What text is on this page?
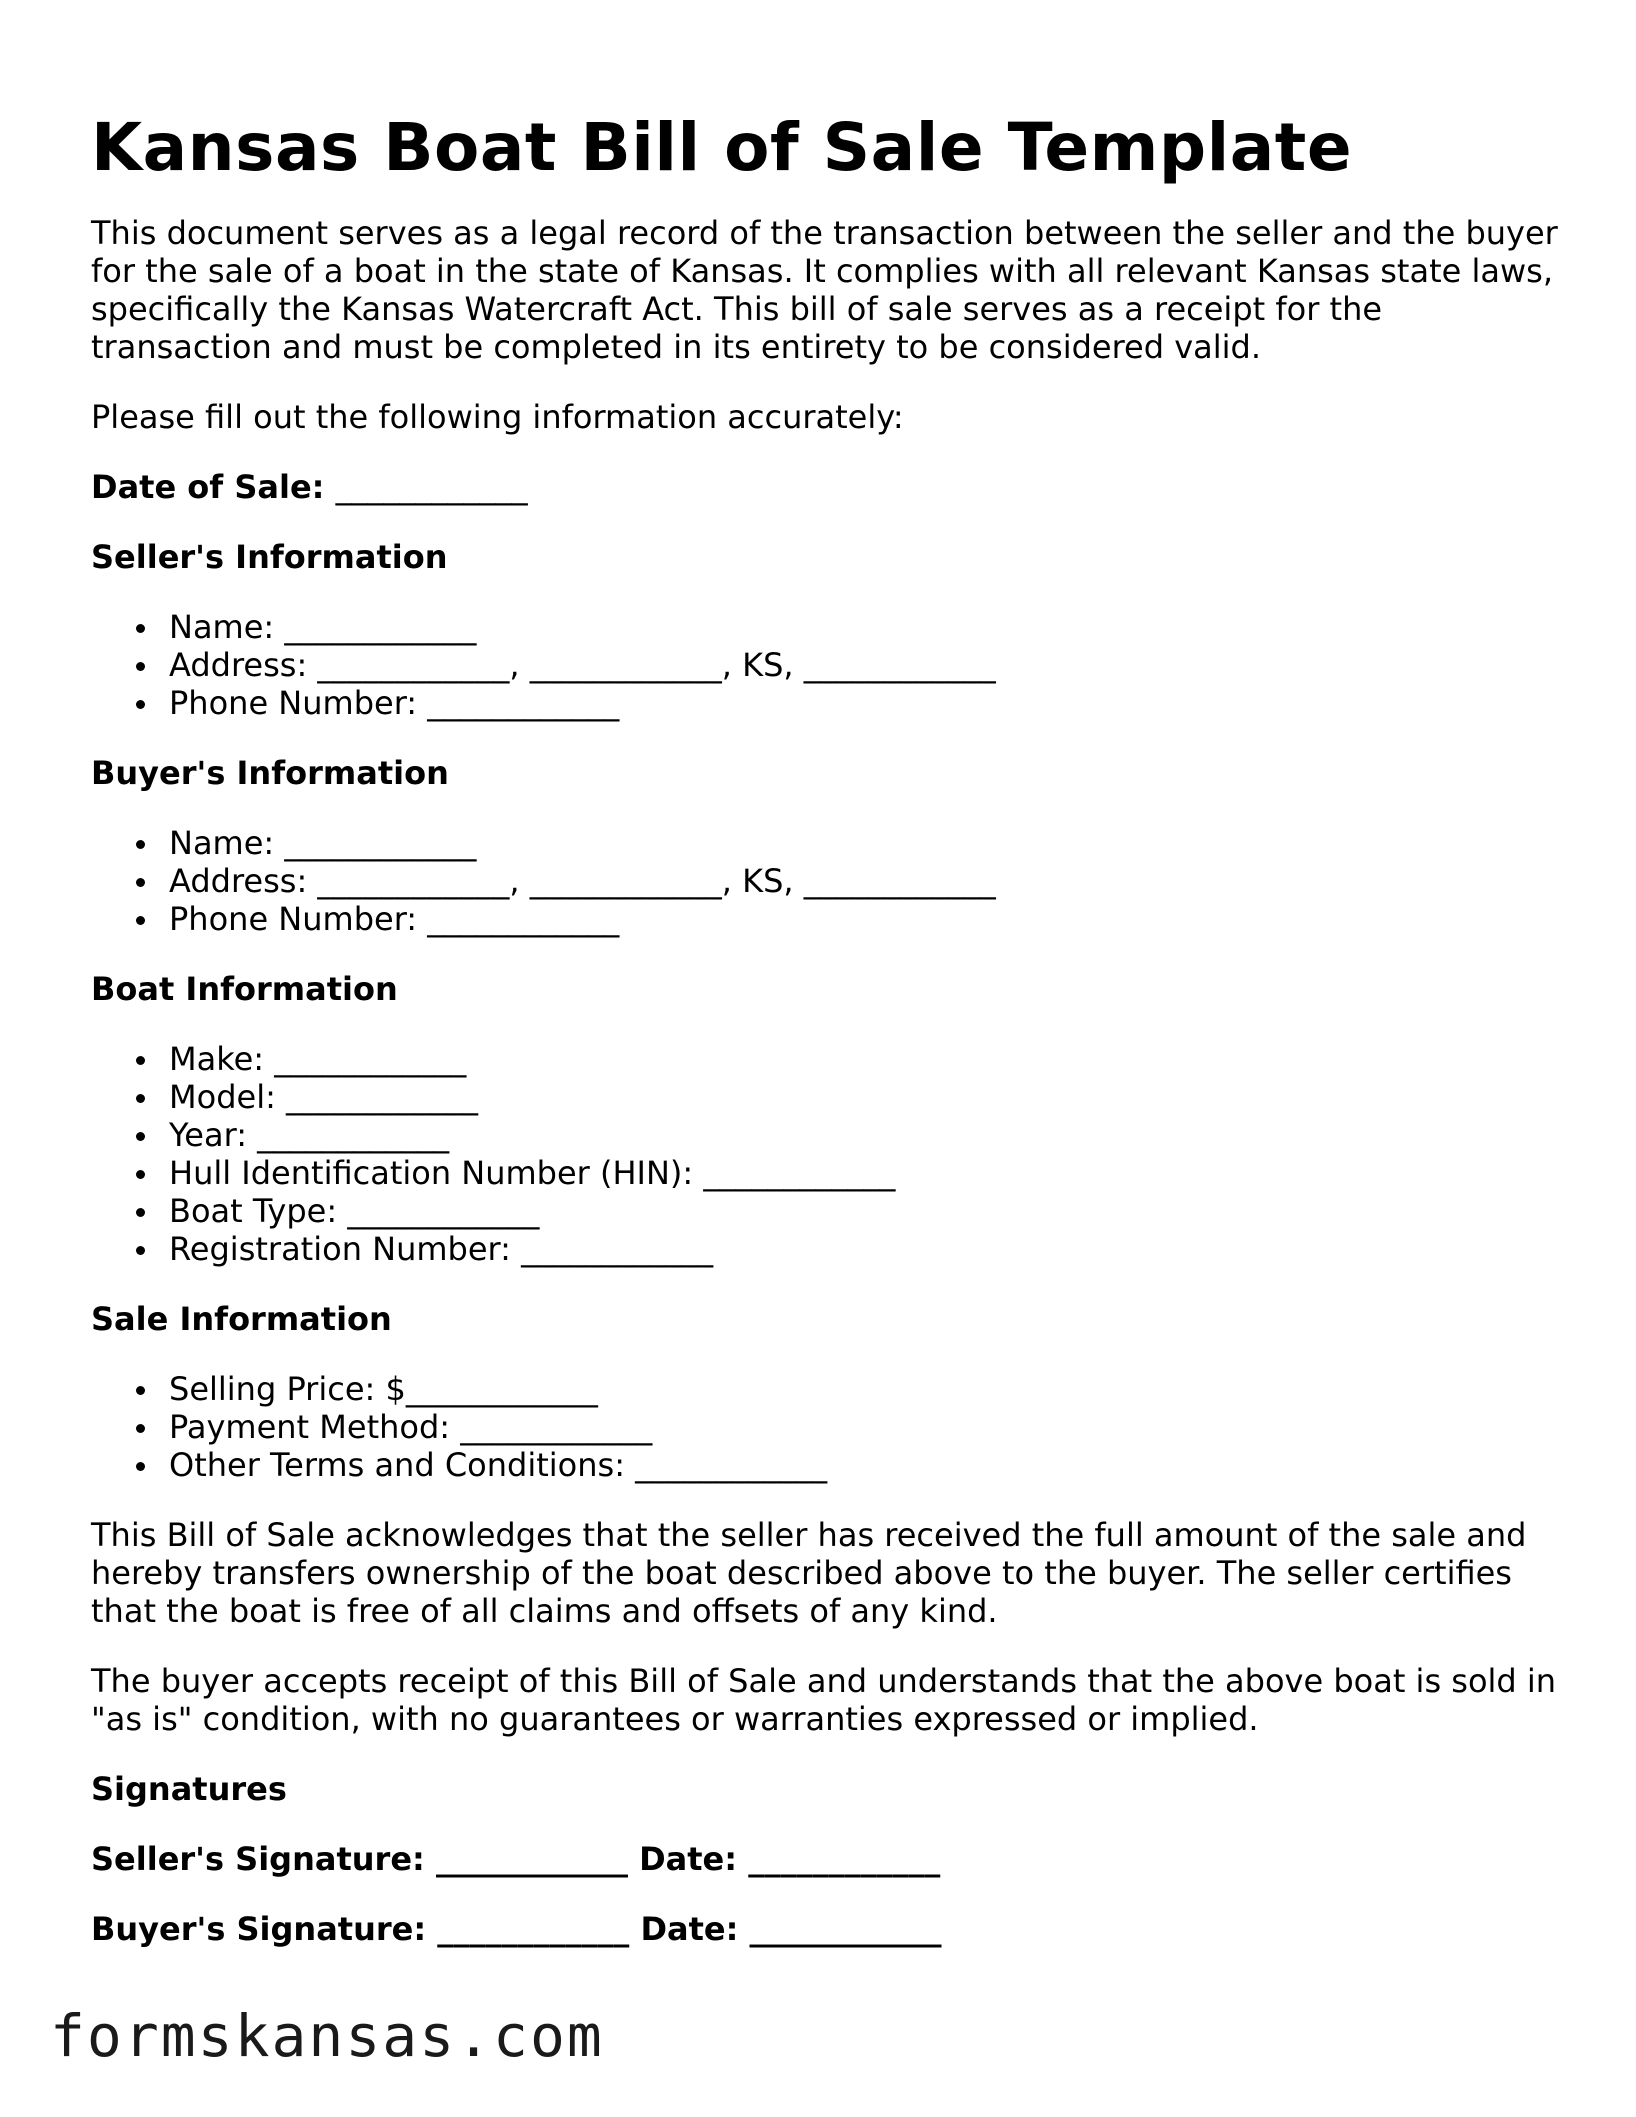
Kansas Boat Bill of Sale Template

This document serves as a legal record of the transaction between the seller and the buyer for the sale of a boat in the state of Kansas. It complies with all relevant Kansas state laws, specifically the Kansas Watercraft Act. This bill of sale serves as a receipt for the transaction and must be completed in its entirety to be considered valid.

Please fill out the following information accurately:

Date of Sale: ____________

Seller's Information
Name: ____________
Address: ____________, ____________, KS, ____________
Phone Number: ____________
Buyer's Information
Name: ____________
Address: ____________, ____________, KS, ____________
Phone Number: ____________
Boat Information
Make: ____________
Model: ____________
Year: ____________
Hull Identification Number (HIN): ____________
Boat Type: ____________
Registration Number: ____________
Sale Information
Selling Price: $____________
Payment Method: ____________
Other Terms and Conditions: ____________

This Bill of Sale acknowledges that the seller has received the full amount of the sale and hereby transfers ownership of the boat described above to the buyer. The seller certifies that the boat is free of all claims and offsets of any kind.

The buyer accepts receipt of this Bill of Sale and understands that the above boat is sold in "as is" condition, with no guarantees or warranties expressed or implied.

Signatures

Seller's Signature: ____________ Date: ____________

Buyer's Signature: ____________ Date: ____________

formskansas.com
